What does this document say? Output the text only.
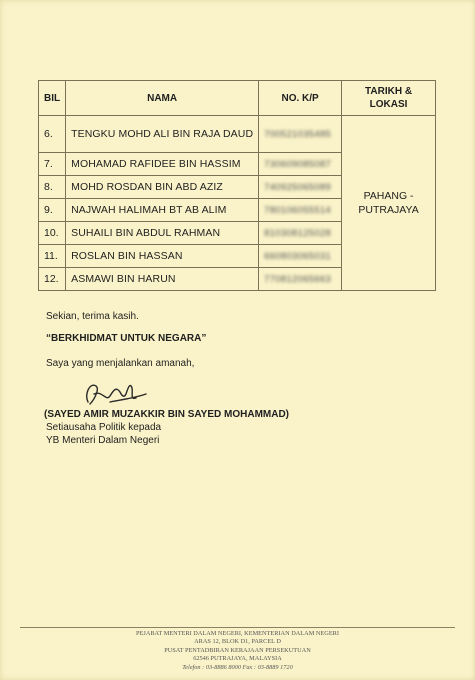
BIL	NAMA	NO. K/P	TARIKH & LOKASI
6.	TENGKU MOHD ALI BIN RAJA DAUD	700521035485	PAHANG - PUTRAJAYA
7.	MOHAMAD RAFIDEE BIN HASSIM	730609085087	

8.	MOHD ROSDAN BIN ABD AZIZ	740925065089	

9.	NAJWAH HALIMAH BT AB ALIM	780106055514	

10.	SUHAILI BIN ABDUL RAHMAN	810308125028	

11.	ROSLAN BIN HASSAN	660803065031	

12.	ASMAWI BIN HARUN	770812065663	
Sekian, terima kasih.
“BERKHIDMAT UNTUK NEGARA”
Saya yang menjalankan amanah,
(SAYED AMIR MUZAKKIR BIN SAYED MOHAMMAD)
Setiausaha Politik kepada
YB Menteri Dalam Negeri
PEJABAT MENTERI DALAM NEGERI, KEMENTERIAN DALAM NEGERI
ARAS 12, BLOK D1, PARCEL D
PUSAT PENTADBIRAN KERAJAAN PERSEKUTUAN
62546 PUTRAJAYA, MALAYSIA
Telefon : 03-8886 8000 Fax : 03-8889 1720
